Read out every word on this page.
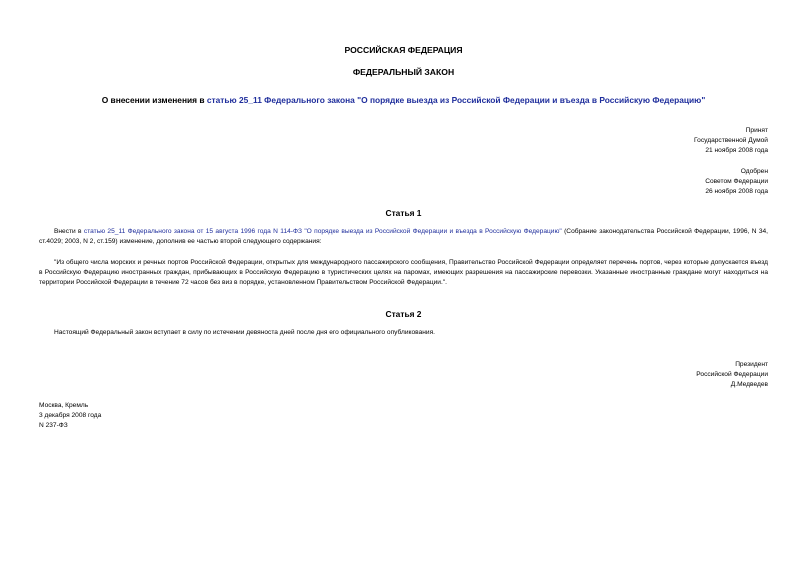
РОССИЙСКАЯ ФЕДЕРАЦИЯ
ФЕДЕРАЛЬНЫЙ ЗАКОН
О внесении изменения в статью 25_11 Федерального закона "О порядке выезда из Российской Федерации и въезда в Российскую Федерацию"
Принят
Государственной Думой
21 ноября 2008 года
Одобрен
Советом Федерации
26 ноября 2008 года
Статья 1
Внести в статью 25_11 Федерального закона от 15 августа 1996 года N 114-ФЗ "О порядке выезда из Российской Федерации и въезда в Российскую Федерацию" (Собрание законодательства Российской Федерации, 1996, N 34, ст.4029; 2003, N 2, ст.159) изменение, дополнив ее частью второй следующего содержания:
"Из общего числа морских и речных портов Российской Федерации, открытых для международного пассажирского сообщения, Правительство Российской Федерации определяет перечень портов, через которые допускается въезд в Российскую Федерацию иностранных граждан, прибывающих в Российскую Федерацию в туристических целях на паромах, имеющих разрешения на пассажирские перевозки. Указанные иностранные граждане могут находиться на территории Российской Федерации в течение 72 часов без виз в порядке, установленном Правительством Российской Федерации.".
Статья 2
Настоящий Федеральный закон вступает в силу по истечении девяноста дней после дня его официального опубликования.
Президент
Российской Федерации
Д.Медведев
Москва, Кремль
3 декабря 2008 года
N 237-ФЗ
